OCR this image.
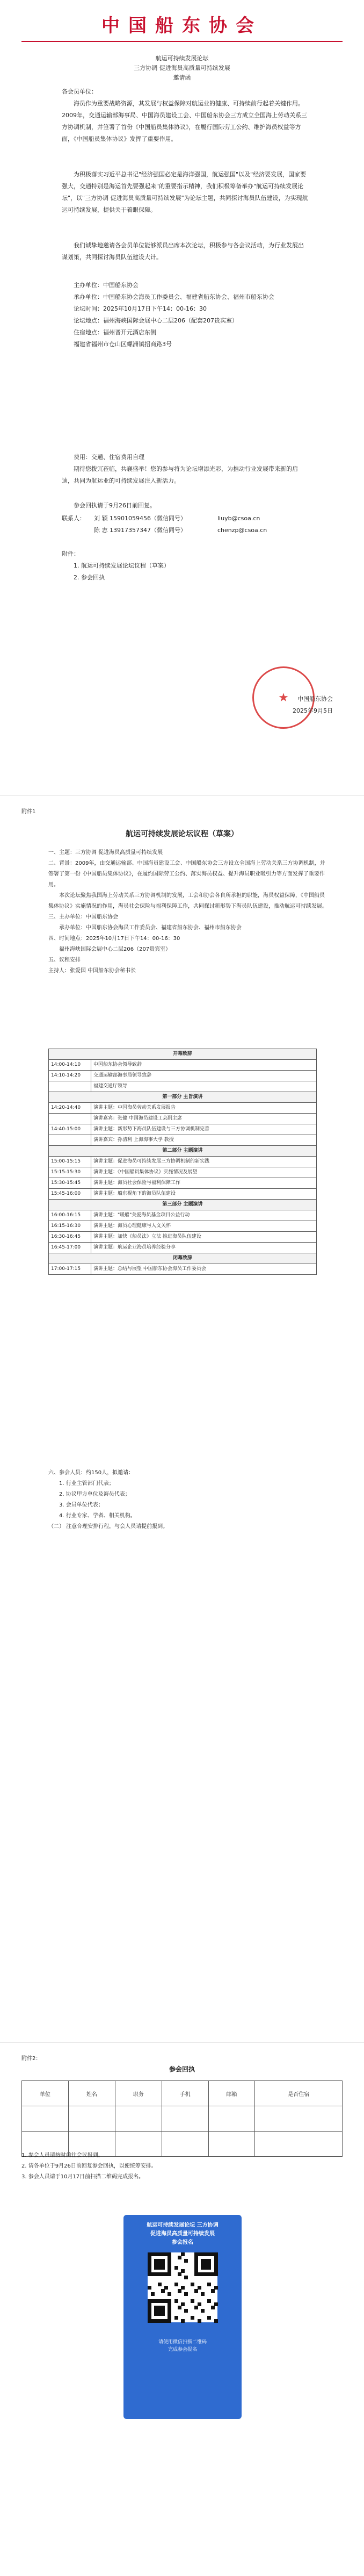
中国船东协会
航运可持续发展论坛
三方协调 促进海员高质量可持续发展
邀请函
各会员单位：
海员作为重要战略资源，其发展与权益保障对航运业的健康、可持续前行起着关键作用。2009年，交通运输部海事局、中国海员建设工会、中国船东协会三方成立全国海上劳动关系三方协调机制，并签署了首份《中国船员集体协议》，在履行国际劳工公约、维护海员权益等方面，《中国船员集体协议》发挥了重要作用。
为积极落实习近平总书记"经济强国必定是海洋强国，航运强国"以及"经济要发展，国家要强大，交通特别是海运首先要强起来"的重要指示精神，我们积极筹备举办"航运可持续发展论坛"，以"三方协调 促进海员高质量可持续发展"为论坛主题，共同探讨海员队伍建设，为实现航运可持续发展，提供关于着眼保障。
我们诚挚地邀请各会员单位能够派员出席本次论坛，积极参与各会议活动，为行业发展出谋划策，共同探讨海员队伍建设大计。
主办单位：中国船东协会
承办单位：中国船东协会海员工作委员会、福建省船东协会、福州市船东协会
论坛时间：2025年10月17日下午14：00-16：30
论坛地点：福州海峡国际会展中心二层206（配套207贵宾室）
住宿地点：福州晋开元酒店东侧
福建省福州市仓山区螺洲镇招商路3号
费用：交通、住宿费用自理
期待您拨冗莅临，共襄盛举！您的参与将为论坛增添光彩，为推动行业发展带来新的启迪，共同为航运业的可持续发展注入新活力。
参会回执请于9月26日前回复。
联系人：	刘 颖 15901059456（微信同号）	liuyb@csoa.cn
陈 志 13917357347（微信同号）	chenzp@csoa.cn
附件：
1. 航运可持续发展论坛议程（草案）
2. 参会回执
★	中国船东协会
2025年9月5日
附件1
航运可持续发展论坛议程（草案）
一、主题：三方协调 促进海员高质量可持续发展
二、背景：2009年，由交通运输部、中国海员建设工会、中国船东协会三方设立全国海上劳动关系三方协调机制，并签署了第一份《中国船员集体协议》，在履约国际劳工公约、落实海员权益、提升海员职业吸引力等方面发挥了重要作用。
本次论坛聚焦我国海上劳动关系三方协调机制的发展，工会和协会各自所承担的职能，海员权益保障，《中国船员集体协议》实施情况的作用，海员社会保险与福利保障工作，共同探讨新形势下海员队伍建设，推动航运可持续发展。
三、主办单位：中国船东协会
承办单位：中国船东协会海员工作委员会、福建省船东协会、福州市船东协会
四、时间地点：2025年10月17日下午14：00-16：30
福州海峡国际会展中心二层206（207贵宾室）
五、议程安排
主持人：张爱国 中国船东协会秘书长
开幕致辞	
14:00-14:10	中国船东协会领导致辞
14:10-14:20	交通运输部海事局领导致辞
	福建交通厅领导
第一部分 主旨演讲	
14:20-14:40	演讲主题：中国海员劳动关系发展报告
	演讲嘉宾：张健 中国海员建设工会副主席
14:40-15:00	演讲主题：新形势下海员队伍建设与三方协调机制完善
	演讲嘉宾：孙清利 上海海事大学 教授
第二部分 主题演讲	
15:00-15:15	演讲主题：促进海员可持续发展三方协调机制的新实践
15:15-15:30	演讲主题：《中国船员集体协议》实施情况及展望
15:30-15:45	演讲主题：海员社会保险与福利保障工作
15:45-16:00	演讲主题：船东视角下的海员队伍建设
第三部分 主题演讲	
16:00-16:15	演讲主题："暖船"关爱海员基金项目公益行动
16:15-16:30	演讲主题：海员心理健康与人文关怀
16:30-16:45	演讲主题：加快《船员法》立法 推进海员队伍建设
16:45-17:00	演讲主题：航运企业海员培养经验分享
闭幕致辞	
17:00-17:15	演讲主题：总结与展望 中国船东协会海员工作委员会
六、参会人员：约150人，拟邀请：
1. 行业主管部门代表；
2. 协议甲方单位及海员代表；
3. 会员单位代表；
4. 行业专家、学者、相关机构。
（二） 注意合理安排行程，与会人员请提前报到。
附件2：
参会回执
单位	姓名	职务	手机	邮箱	是否住宿

1. 参会人员请按时前往会议报到。
2. 请各单位于9月26日前回复参会回执，以便统筹安排。
3. 参会人员请于10月17日前扫描二维码完成报名。
航运可持续发展论坛 三方协调
促进海员高质量可持续发展
参会报名
请使用微信扫描二维码
完成参会报名
